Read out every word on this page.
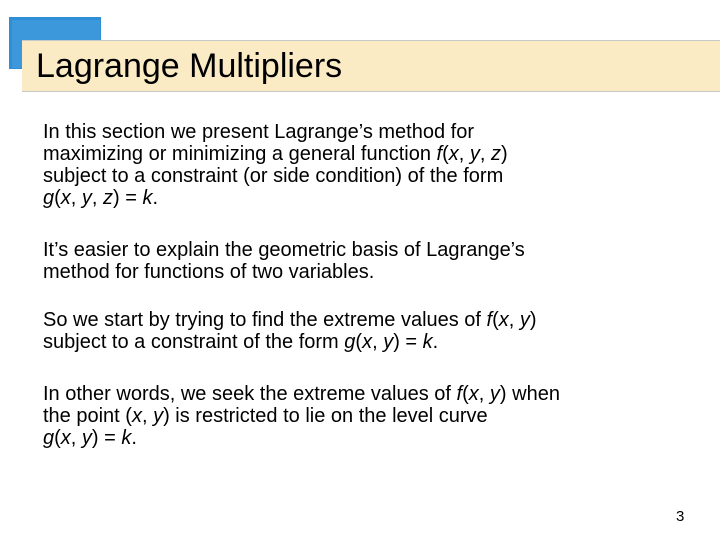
Lagrange Multipliers

In this section we present Lagrange’s method for
maximizing or minimizing a general function f(x, y, z)
subject to a constraint (or side condition) of the form
g(x, y, z) = k.

It’s easier to explain the geometric basis of Lagrange’s
method for functions of two variables.

So we start by trying to find the extreme values of f(x, y)
subject to a constraint of the form g(x, y) = k.

In other words, we seek the extreme values of f(x, y) when
the point (x, y) is restricted to lie on the level curve
g(x, y) = k.

3
